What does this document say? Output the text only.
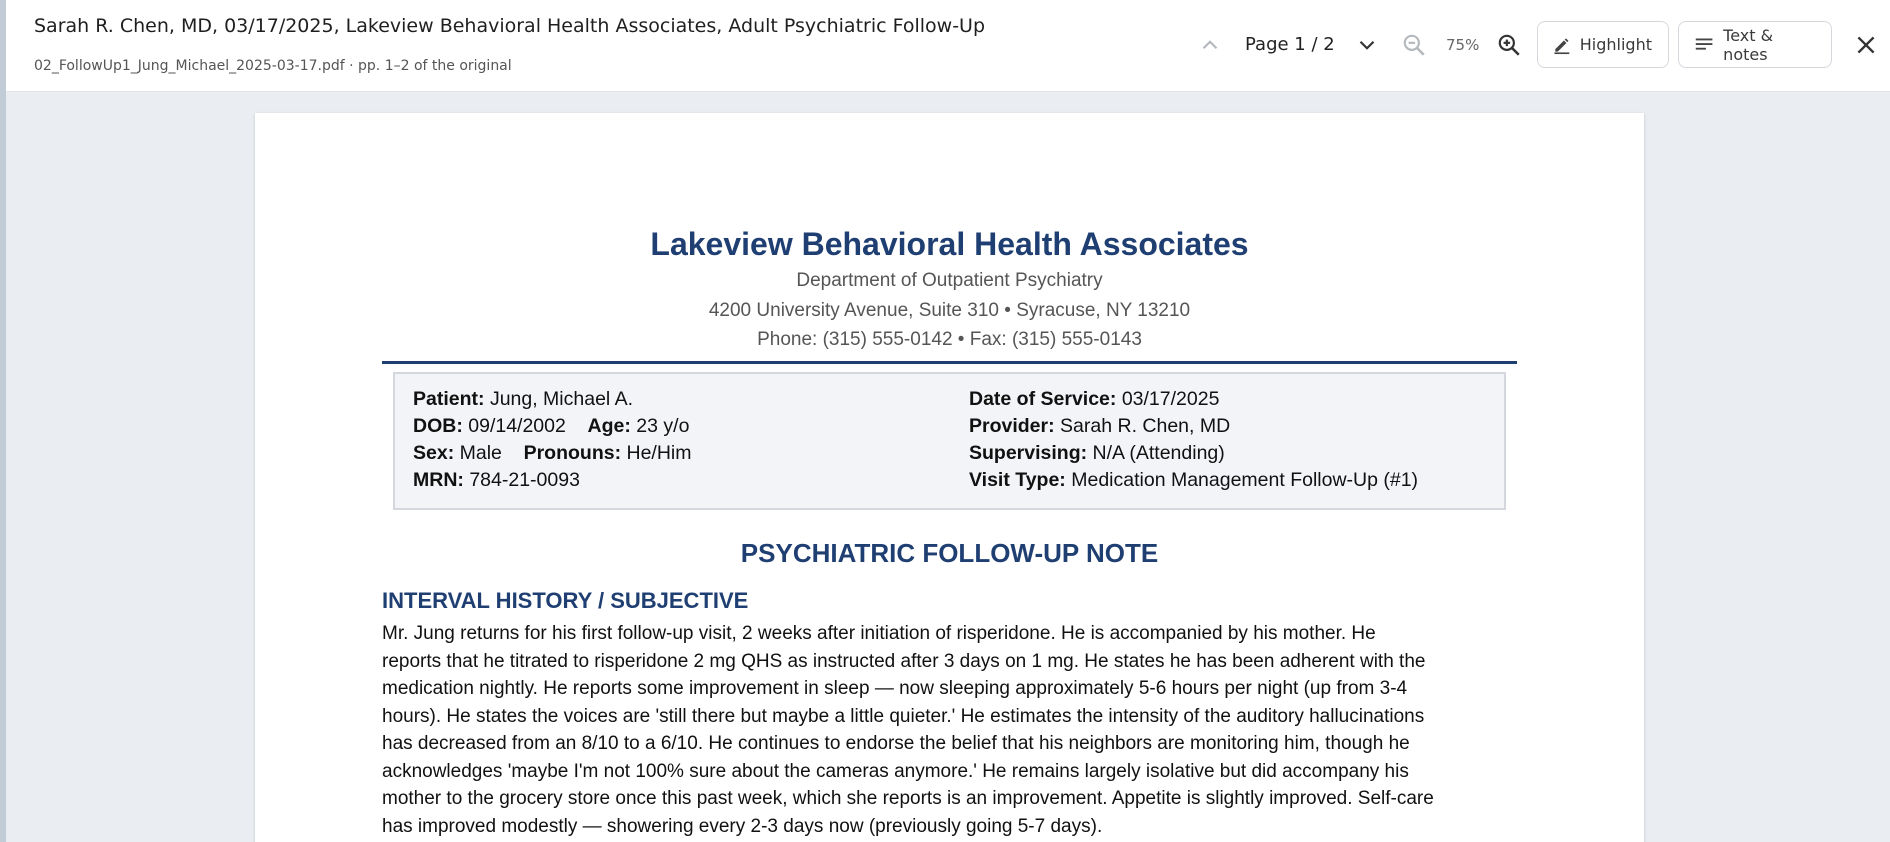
Sarah R. Chen, MD, 03/17/2025, Lakeview Behavioral Health Associates, Adult Psychiatric Follow-Up
02_FollowUp1_Jung_Michael_2025-03-17.pdf · pp. 1–2 of the original
Page 1 / 2	75%	Highlight	Text & notes
Lakeview Behavioral Health Associates
Department of Outpatient Psychiatry
4200 University Avenue, Suite 310 • Syracuse, NY 13210
Phone: (315) 555-0142 • Fax: (315) 555-0143
Patient: Jung, Michael A.
DOB: 09/14/2002 Age: 23 y/o
Sex: Male Pronouns: He/Him
MRN: 784-21-0093
Date of Service: 03/17/2025
Provider: Sarah R. Chen, MD
Supervising: N/A (Attending)
Visit Type: Medication Management Follow-Up (#1)
PSYCHIATRIC FOLLOW-UP NOTE
INTERVAL HISTORY / SUBJECTIVE
Mr. Jung returns for his first follow-up visit, 2 weeks after initiation of risperidone. He is accompanied by his mother. He
reports that he titrated to risperidone 2 mg QHS as instructed after 3 days on 1 mg. He states he has been adherent with the
medication nightly. He reports some improvement in sleep — now sleeping approximately 5-6 hours per night (up from 3-4
hours). He states the voices are 'still there but maybe a little quieter.' He estimates the intensity of the auditory hallucinations
has decreased from an 8/10 to a 6/10. He continues to endorse the belief that his neighbors are monitoring him, though he
acknowledges 'maybe I'm not 100% sure about the cameras anymore.' He remains largely isolative but did accompany his
mother to the grocery store once this past week, which she reports is an improvement. Appetite is slightly improved. Self-care
has improved modestly — showering every 2-3 days now (previously going 5-7 days).
